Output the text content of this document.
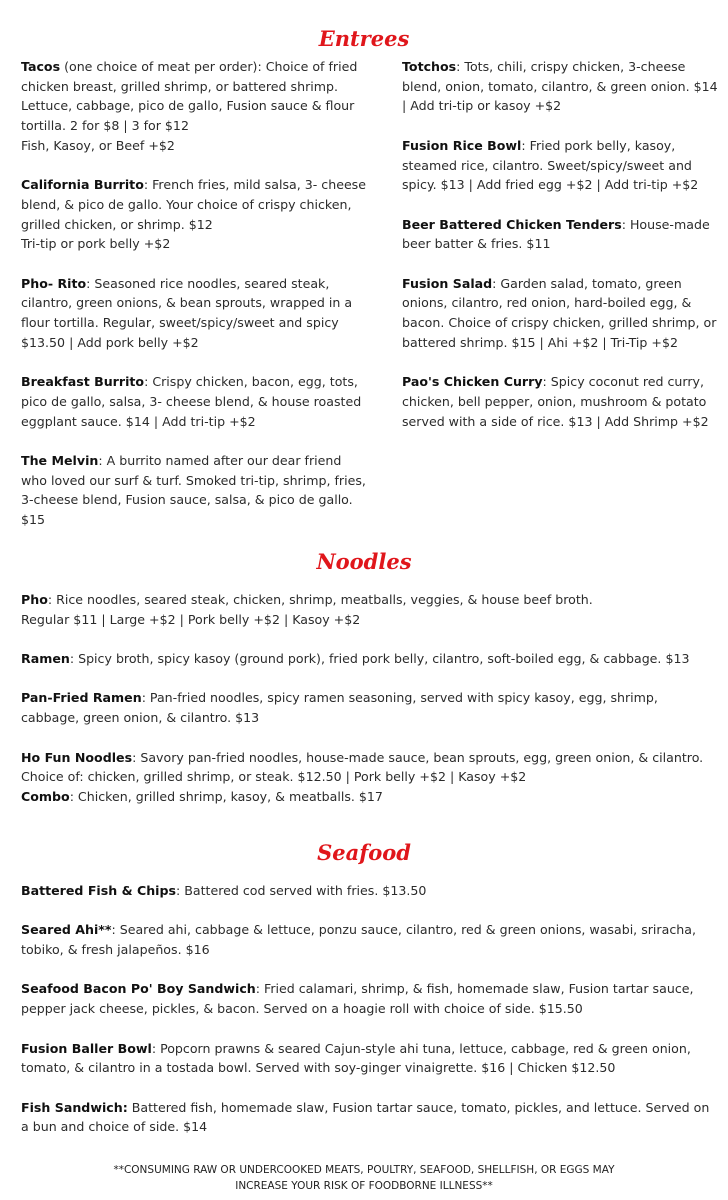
Entrees

Tacos (one choice of meat per order): Choice of fried chicken breast, grilled shrimp, or battered shrimp. Lettuce, cabbage, pico de gallo, Fusion sauce & flour tortilla. 2 for $8 | 3 for $12

Fish, Kasoy, or Beef +$2

California Burrito: French fries, mild salsa, 3- cheese blend, & pico de gallo. Your choice of crispy chicken, grilled chicken, or shrimp. $12

Tri-tip or pork belly +$2

Pho- Rito: Seasoned rice noodles, seared steak, cilantro, green onions, & bean sprouts, wrapped in a flour tortilla. Regular, sweet/spicy/sweet and spicy $13.50 | Add pork belly +$2

Breakfast Burrito: Crispy chicken, bacon, egg, tots, pico de gallo, salsa, 3- cheese blend, & house roasted eggplant sauce. $14 | Add tri-tip +$2

The Melvin: A burrito named after our dear friend who loved our surf & turf. Smoked tri-tip, shrimp, fries, 3-cheese blend, Fusion sauce, salsa, & pico de gallo. $15

Totchos: Tots, chili, crispy chicken, 3-cheese blend, onion, tomato, cilantro, & green onion. $14 | Add tri-tip or kasoy +$2

Fusion Rice Bowl: Fried pork belly, kasoy, steamed rice, cilantro. Sweet/spicy/sweet and spicy. $13 | Add fried egg +$2 | Add tri-tip +$2

Beer Battered Chicken Tenders: House-made beer batter & fries. $11

Fusion Salad: Garden salad, tomato, green onions, cilantro, red onion, hard-boiled egg, & bacon. Choice of crispy chicken, grilled shrimp, or battered shrimp. $15 | Ahi +$2 | Tri-Tip +$2

Pao's Chicken Curry: Spicy coconut red curry, chicken, bell pepper, onion, mushroom & potato served with a side of rice. $13 | Add Shrimp +$2

Noodles

Pho: Rice noodles, seared steak, chicken, shrimp, meatballs, veggies, & house beef broth.

Regular $11 | Large +$2 | Pork belly +$2 | Kasoy +$2

Ramen: Spicy broth, spicy kasoy (ground pork), fried pork belly, cilantro, soft-boiled egg, & cabbage. $13

Pan-Fried Ramen: Pan-fried noodles, spicy ramen seasoning, served with spicy kasoy, egg, shrimp, cabbage, green onion, & cilantro. $13

Ho Fun Noodles: Savory pan-fried noodles, house-made sauce, bean sprouts, egg, green onion, & cilantro. Choice of: chicken, grilled shrimp, or steak. $12.50 | Pork belly +$2 | Kasoy +$2

Combo: Chicken, grilled shrimp, kasoy, & meatballs. $17

Seafood

Battered Fish & Chips: Battered cod served with fries. $13.50

Seared Ahi**: Seared ahi, cabbage & lettuce, ponzu sauce, cilantro, red & green onions, wasabi, sriracha, tobiko, & fresh jalapeños. $16

Seafood Bacon Po' Boy Sandwich: Fried calamari, shrimp, & fish, homemade slaw, Fusion tartar sauce, pepper jack cheese, pickles, & bacon. Served on a hoagie roll with choice of side. $15.50

Fusion Baller Bowl: Popcorn prawns & seared Cajun-style ahi tuna, lettuce, cabbage, red & green onion, tomato, & cilantro in a tostada bowl. Served with soy-ginger vinaigrette. $16 | Chicken $12.50

Fish Sandwich: Battered fish, homemade slaw, Fusion tartar sauce, tomato, pickles, and lettuce. Served on a bun and choice of side. $14

**CONSUMING RAW OR UNDERCOOKED MEATS, POULTRY, SEAFOOD, SHELLFISH, OR EGGS MAY
INCREASE YOUR RISK OF FOODBORNE ILLNESS**
